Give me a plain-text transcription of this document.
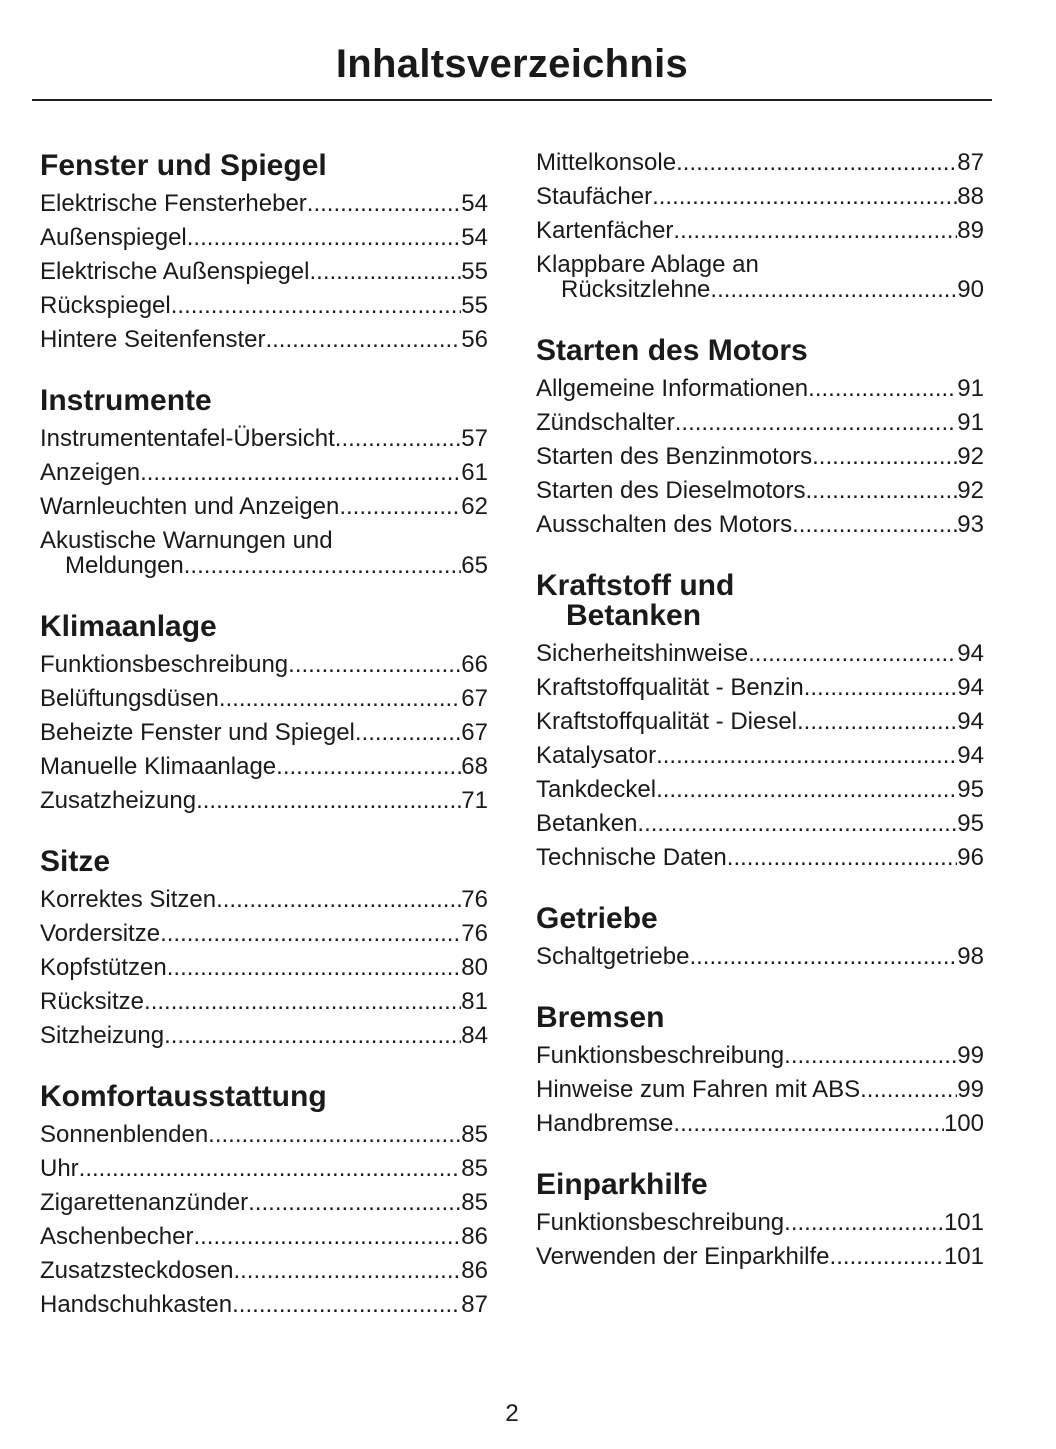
Inhaltsverzeichnis
Fenster und Spiegel
Elektrische Fensterheber .....	54
Außenspiegel .....	54
Elektrische Außenspiegel .....	55
Rückspiegel .....	55
Hintere Seitenfenster .....	56
Instrumente
Instrumententafel-Übersicht .....	57
Anzeigen .....	61
Warnleuchten und Anzeigen .....	62
Akustische Warnungen und
Meldungen .....	65
Klimaanlage
Funktionsbeschreibung .....	66
Belüftungsdüsen .....	67
Beheizte Fenster und Spiegel .....	67
Manuelle Klimaanlage .....	68
Zusatzheizung .....	71
Sitze
Korrektes Sitzen .....	76
Vordersitze .....	76
Kopfstützen .....	80
Rücksitze .....	81
Sitzheizung .....	84
Komfortausstattung
Sonnenblenden .....	85
Uhr .....	85
Zigarettenanzünder .....	85
Aschenbecher .....	86
Zusatzsteckdosen .....	86
Handschuhkasten .....	87
Mittelkonsole .....	87
Staufächer .....	88
Kartenfächer .....	89
Klappbare Ablage an
Rücksitzlehne .....	90
Starten des Motors
Allgemeine Informationen .....	91
Zündschalter .....	91
Starten des Benzinmotors .....	92
Starten des Dieselmotors .....	92
Ausschalten des Motors .....	93
Kraftstoff und
Betanken
Sicherheitshinweise .....	94
Kraftstoffqualität - Benzin .....	94
Kraftstoffqualität - Diesel .....	94
Katalysator .....	94
Tankdeckel .....	95
Betanken .....	95
Technische Daten .....	96
Getriebe
Schaltgetriebe .....	98
Bremsen
Funktionsbeschreibung .....	99
Hinweise zum Fahren mit ABS .....	99
Handbremse .....	100
Einparkhilfe
Funktionsbeschreibung .....	101
Verwenden der Einparkhilfe .....	101
2
